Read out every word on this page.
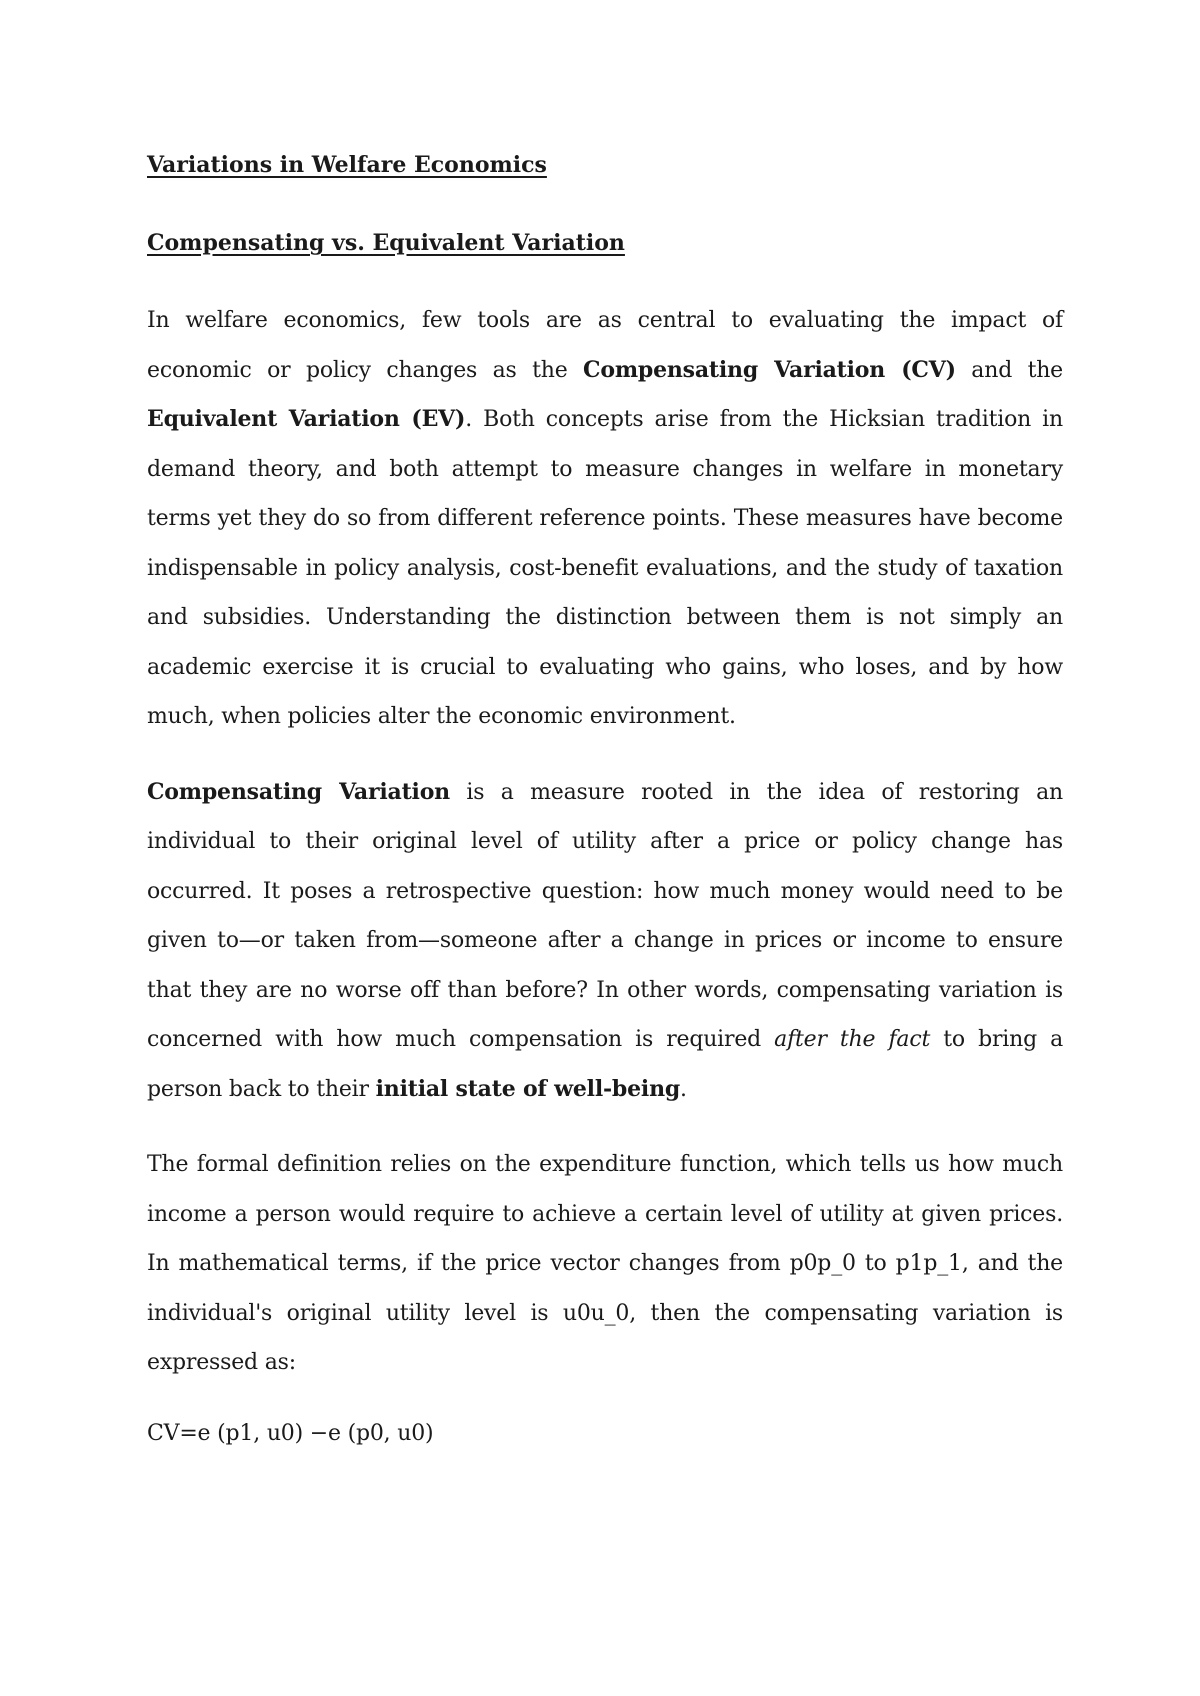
Variations in Welfare Economics

Compensating vs. Equivalent Variation

In welfare economics, few tools are as central to evaluating the impact of economic or policy changes as the Compensating Variation (CV) and the Equivalent Variation (EV). Both concepts arise from the Hicksian tradition in demand theory, and both attempt to measure changes in welfare in monetary terms yet they do so from different reference points. These measures have become indispensable in policy analysis, cost-benefit evaluations, and the study of taxation and subsidies. Understanding the distinction between them is not simply an academic exercise it is crucial to evaluating who gains, who loses, and by how much, when policies alter the economic environment.

Compensating Variation is a measure rooted in the idea of restoring an individual to their original level of utility after a price or policy change has occurred. It poses a retrospective question: how much money would need to be given to—or taken from—someone after a change in prices or income to ensure that they are no worse off than before? In other words, compensating variation is concerned with how much compensation is required after the fact to bring a person back to their initial state of well-being.

The formal definition relies on the expenditure function, which tells us how much income a person would require to achieve a certain level of utility at given prices. In mathematical terms, if the price vector changes from p0p_0 to p1p_1, and the individual's original utility level is u0u_0, then the compensating variation is expressed as:

CV=e (p1, u0) −e (p0, u0)
